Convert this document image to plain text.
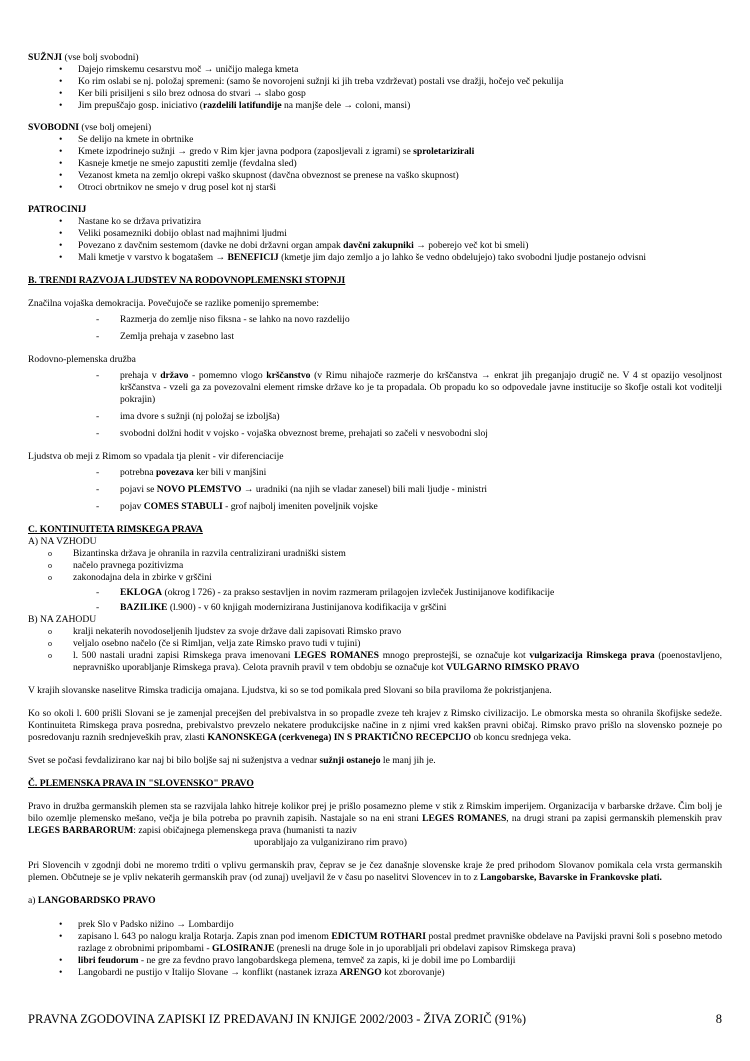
SUŽNJI (vse bolj svobodni)
• Dajejo rimskemu cesarstvu moč → uničijo malega kmeta
• Ko rim oslabi se nj. položaj spremeni: (samo še novorojeni sužnji ki jih treba vzdrževat) postali vse dražji, hočejo več pekulija
• Ker bili prisiljeni s silo brez odnosa do stvari → slabo gosp
• Jim prepuščajo gosp. iniciativo (razdelili latifundije na manjše dele → coloni, mansi)
SVOBODNI (vse bolj omejeni)
• Se delijo na kmete in obrtnike
• Kmete izpodrinejo sužnji → gredo v Rim kjer javna podpora (zaposljevali z igrami) se sproletarizirali
• Kasneje kmetje ne smejo zapustiti zemlje (fevdalna sled)
• Vezanost kmeta na zemljo okrepi vaško skupnost (davčna obveznost se prenese na vaško skupnost)
• Otroci obrtnikov ne smejo v drug posel kot nj starši
PATROCINIJ
• Nastane ko se država privatizira
• Veliki posamezniki dobijo oblast nad majhnimi ljudmi
• Povezano z davčnim sestemom (davke ne dobi državni organ ampak davčni zakupniki → poberejo več kot bi smeli)
• Mali kmetje v varstvo k bogatašem → BENEFICIJ (kmetje jim dajo zemljo a jo lahko še vedno obdelujejo) tako svobodni ljudje postanejo odvisni
B. TRENDI RAZVOJA LJUDSTEV NA RODOVNOPLEMENSKI STOPNJI
Značilna vojaška demokracija. Povečujoče se razlike pomenijo spremembe:
- Razmerja do zemlje niso fiksna - se lahko na novo razdelijo
- Zemlja prehaja v zasebno last
Rodovno-plemenska družba
- prehaja v državo - pomemno vlogo krščanstvo (v Rimu nihajoče razmerje do krščanstva → enkrat jih preganjajo drugič ne. V 4 st opazijo vesoljnost krščanstva - vzeli ga za povezovalni element rimske države ko je ta propadala. Ob propadu ko so odpovedale javne institucije so škofje ostali kot voditelji pokrajin)
- ima dvore s sužnji (nj položaj se izboljša)
- svobodni dolžni hodit v vojsko - vojaška obveznost breme, prehajati so začeli v nesvobodni sloj
Ljudstva ob meji z Rimom so vpadala tja plenit - vir diferenciacije
- potrebna povezava ker bili v manjšini
- pojavi se NOVO PLEMSTVO → uradniki (na njih se vladar zanesel) bili mali ljudje - ministri
- pojav COMES STABULI - grof najbolj imeniten poveljnik vojske
C. KONTINUITETA RIMSKEGA PRAVA
A) NA VZHODU
o Bizantinska država je ohranila in razvila centralizirani uradniški sistem
o načelo pravnega pozitivizma
o zakonodajna dela in zbirke v grščini
- EKLOGA (okrog l 726) - za prakso sestavljen in novim razmeram prilagojen izvleček Justinijanove kodifikacije
- BAZILIKE (l.900) - v 60 knjigah modernizirana Justinijanova kodifikacija v grščini
B) NA ZAHODU
o kralji nekaterih novodoseljenih ljudstev za svoje države dali zapisovati Rimsko pravo
o veljalo osebno načelo (če si Rimljan, velja zate Rimsko pravo tudi v tujini)
o l. 500 nastali uradni zapisi Rimskega prava imenovani LEGES ROMANES mnogo preprostejši, se označuje kot vulgarizacija Rimskega prava (poenostavljeno, nepravniško uporabljanje Rimskega prava). Celota pravnih pravil v tem obdobju se označuje kot VULGARNO RIMSKO PRAVO
V krajih slovanske naselitve Rimska tradicija omajana. Ljudstva, ki so se tod pomikala pred Slovani so bila praviloma že pokristjanjena.
Ko so okoli l. 600 prišli Slovani se je zamenjal precejšen del prebivalstva in so propadle zveze teh krajev z Rimsko civilizacijo. Le obmorska mesta so ohranila škofijske sedeže. Kontinuiteta Rimskega prava posredna, prebivalstvo prevzelo nekatere produkcijske načine in z njimi vred kakšen pravni običaj. Rimsko pravo prišlo na slovensko pozneje po posredovanju raznih srednjeveških prav, zlasti KANONSKEGA (cerkvenega) IN S PRAKTIČNO RECEPCIJO ob koncu srednjega veka.
Svet se počasi fevdalizirano kar naj bi bilo boljše saj ni suženjstva a vednar sužnji ostanejo le manj jih je.
Č. PLEMENSKA PRAVA IN "SLOVENSKO" PRAVO
Pravo in družba germanskih plemen sta se razvijala lahko hitreje kolikor prej je prišlo posamezno pleme v stik z Rimskim imperijem. Organizacija v barbarske države. Čim bolj je bilo ozemlje plemensko mešano, večja je bila potreba po pravnih zapisih. Nastajale so na eni strani LEGES ROMANES, na drugi strani pa zapisi germanskih plemenskih prav LEGES BARBARORUM: zapisi običajnega plemenskega prava (humanisti ta naziv
uporabljajo za vulganizirano rim pravo)
Pri Slovencih v zgodnji dobi ne moremo trditi o vplivu germanskih prav, čeprav se je čez današnje slovenske kraje že pred prihodom Slovanov pomikala cela vrsta germanskih plemen. Občutneje se je vpliv nekaterih germanskih prav (od zunaj) uveljavil že v času po naselitvi Slovencev in to z Langobarske, Bavarske in Frankovske plati.
a) LANGOBARDSKO PRAVO
• prek Slo v Padsko nižino → Lombardijo
• zapisano l. 643 po nalogu kralja Rotarja. Zapis znan pod imenom EDICTUM ROTHARI postal predmet pravniške obdelave na Pavijski pravni šoli s posebno metodo razlage z obrobnimi pripombami - GLOSIRANJE (prenesli na druge šole in jo uporabljali pri obdelavi zapisov Rimskega prava)
• libri feudorum - ne gre za fevdno pravo langobardskega plemena, temveč za zapis, ki je dobil ime po Lombardiji
• Langobardi ne pustijo v Italijo Slovane → konflikt (nastanek izraza ARENGO kot zborovanje)
PRAVNA ZGODOVINA ZAPISKI IZ PREDAVANJ IN KNJIGE 2002/2003 - ŽIVA ZORIČ (91%)	8
